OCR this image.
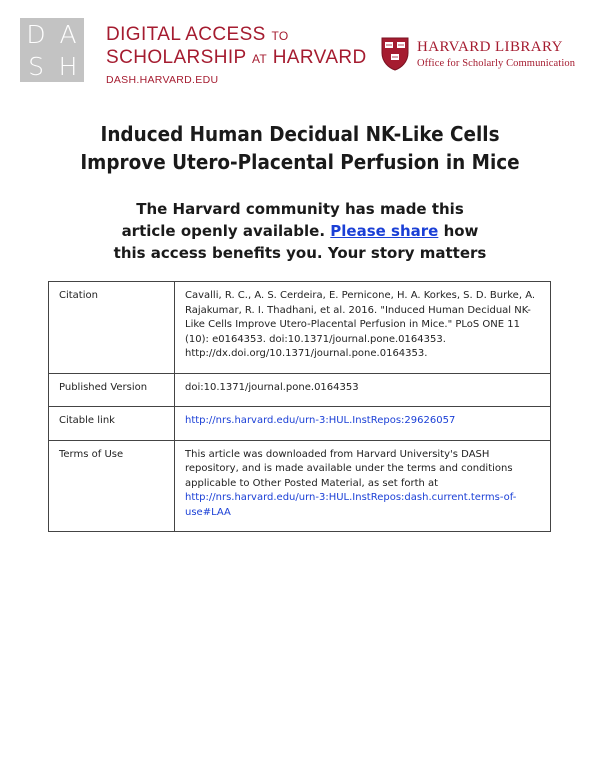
D A
S H
DIGITAL ACCESS TO
SCHOLARSHIP AT HARVARD
DASH.HARVARD.EDU
HARVARD LIBRARY
Office for Scholarly Communication
Induced Human Decidual NK-Like Cells
Improve Utero-Placental Perfusion in Mice
The Harvard community has made this
article openly available. Please share how
this access benefits you. Your story matters
Citation	Cavalli, R. C., A. S. Cerdeira, E. Pernicone, H. A. Korkes, S. D. Burke, A. Rajakumar, R. I. Thadhani, et al. 2016. "Induced Human Decidual NK-Like Cells Improve Utero-Placental Perfusion in Mice." PLoS ONE 11 (10): e0164353. doi:10.1371/journal.pone.0164353. http://dx.doi.org/10.1371/journal.pone.0164353.
Published Version	doi:10.1371/journal.pone.0164353
Citable link	http://nrs.harvard.edu/urn-3:HUL.InstRepos:29626057
Terms of Use	This article was downloaded from Harvard University's DASH repository, and is made available under the terms and conditions applicable to Other Posted Material, as set forth at http://nrs.harvard.edu/urn-3:HUL.InstRepos:dash.current.terms-of-use#LAA
